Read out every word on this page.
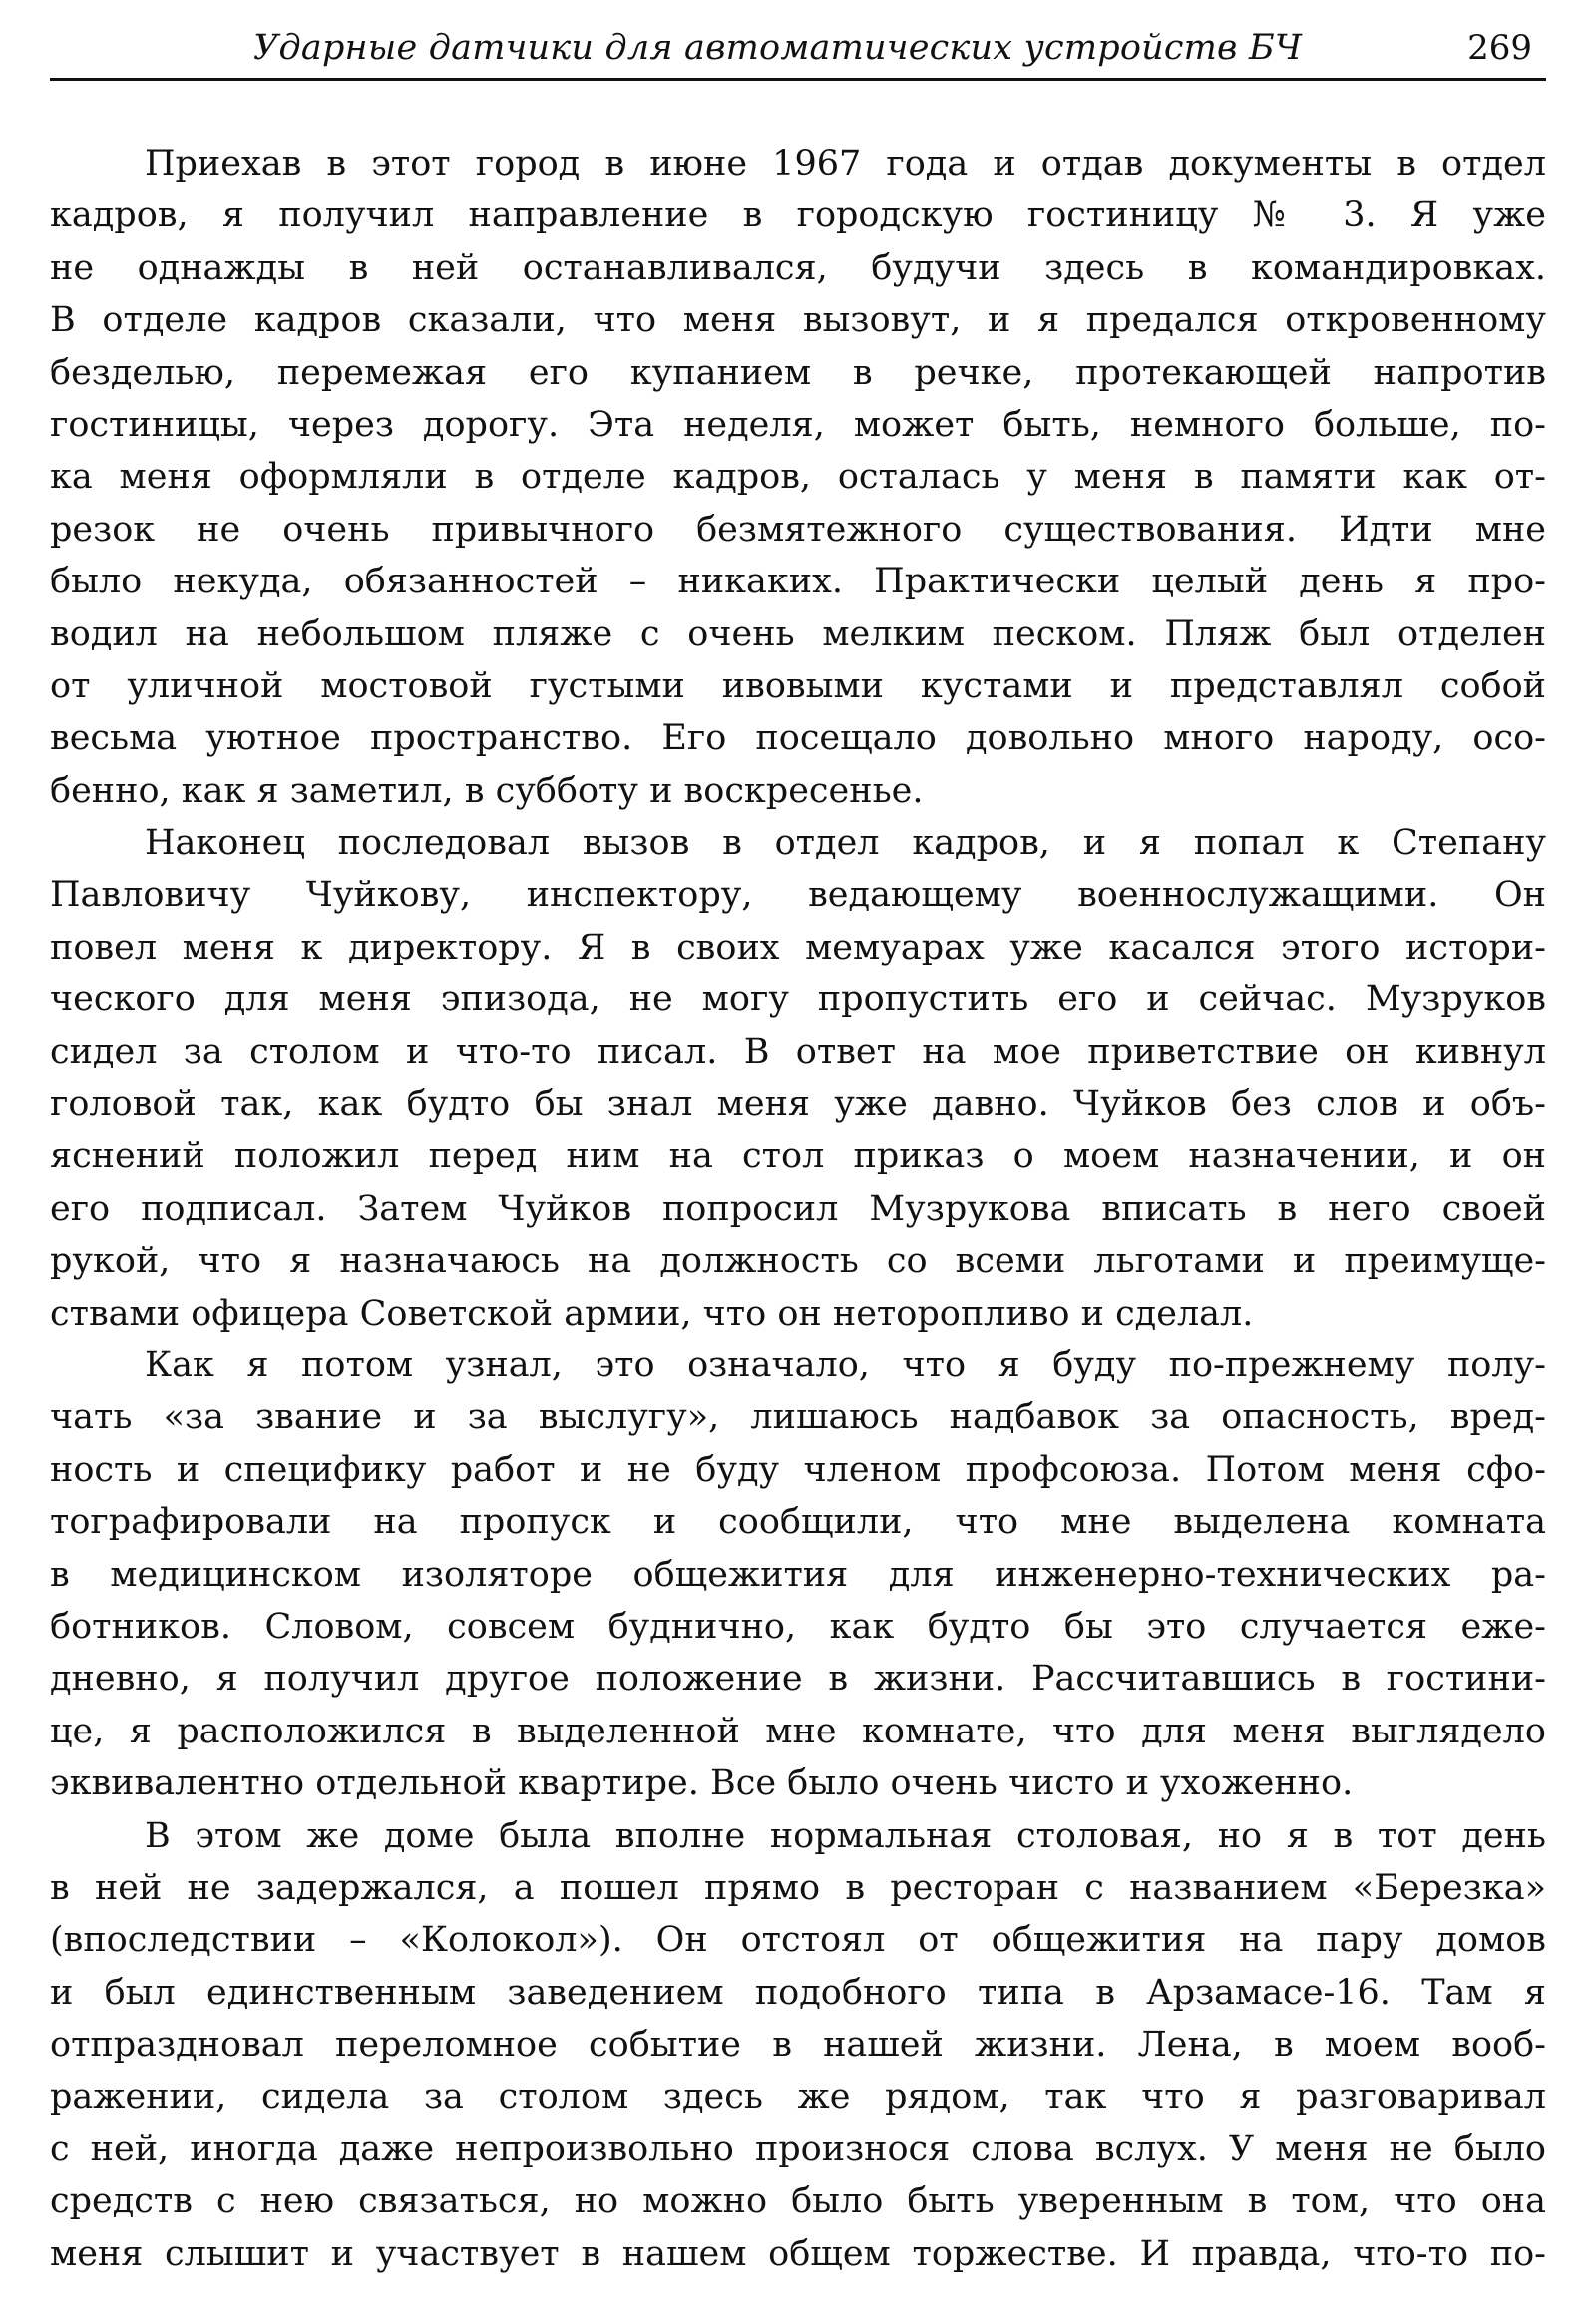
Ударные датчики для автоматических устройств БЧ	269
Приехав в этот город в июне 1967 года и отдав документы в отдел
кадров, я получил направление в городскую гостиницу № 3. Я уже
не однажды в ней останавливался, будучи здесь в командировках.
В отделе кадров сказали, что меня вызовут, и я предался откровенному
безделью, перемежая его купанием в речке, протекающей напротив
гостиницы, через дорогу. Эта неделя, может быть, немного больше, по-
ка меня оформляли в отделе кадров, осталась у меня в памяти как от-
резок не очень привычного безмятежного существования. Идти мне
было некуда, обязанностей – никаких. Практически целый день я про-
водил на небольшом пляже с очень мелким песком. Пляж был отделен
от уличной мостовой густыми ивовыми кустами и представлял собой
весьма уютное пространство. Его посещало довольно много народу, осо-
бенно, как я заметил, в субботу и воскресенье.
Наконец последовал вызов в отдел кадров, и я попал к Степану
Павловичу Чуйкову, инспектору, ведающему военнослужащими. Он
повел меня к директору. Я в своих мемуарах уже касался этого истори-
ческого для меня эпизода, не могу пропустить его и сейчас. Музруков
сидел за столом и что-то писал. В ответ на мое приветствие он кивнул
головой так, как будто бы знал меня уже давно. Чуйков без слов и объ-
яснений положил перед ним на стол приказ о моем назначении, и он
его подписал. Затем Чуйков попросил Музрукова вписать в него своей
рукой, что я назначаюсь на должность со всеми льготами и преимуще-
ствами офицера Советской армии, что он неторопливо и сделал.
Как я потом узнал, это означало, что я буду по-прежнему полу-
чать «за звание и за выслугу», лишаюсь надбавок за опасность, вред-
ность и специфику работ и не буду членом профсоюза. Потом меня сфо-
тографировали на пропуск и сообщили, что мне выделена комната
в медицинском изоляторе общежития для инженерно-технических ра-
ботников. Словом, совсем буднично, как будто бы это случается еже-
дневно, я получил другое положение в жизни. Рассчитавшись в гостини-
це, я расположился в выделенной мне комнате, что для меня выглядело
эквивалентно отдельной квартире. Все было очень чисто и ухоженно.
В этом же доме была вполне нормальная столовая, но я в тот день
в ней не задержался, а пошел прямо в ресторан с названием «Березка»
(впоследствии – «Колокол»). Он отстоял от общежития на пару домов
и был единственным заведением подобного типа в Арзамасе-16. Там я
отпраздновал переломное событие в нашей жизни. Лена, в моем вооб-
ражении, сидела за столом здесь же рядом, так что я разговаривал
с ней, иногда даже непроизвольно произнося слова вслух. У меня не было
средств с нею связаться, но можно было быть уверенным в том, что она
меня слышит и участвует в нашем общем торжестве. И правда, что-то по-
